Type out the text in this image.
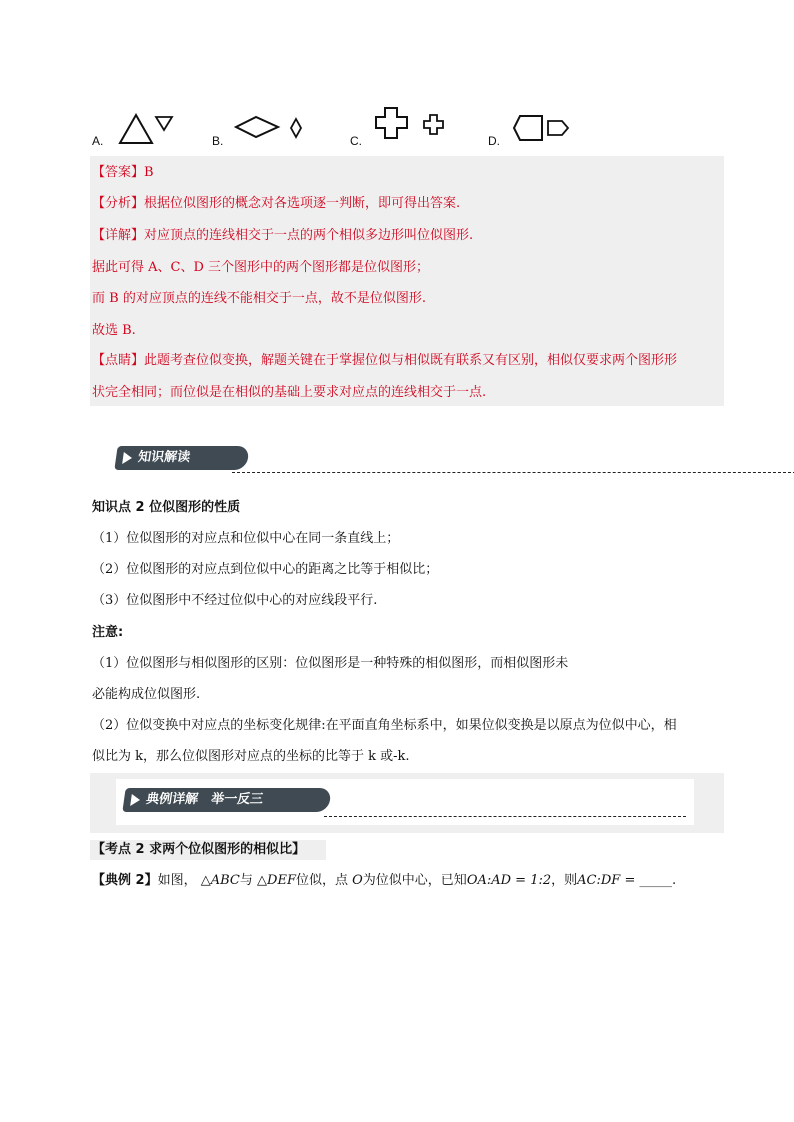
A.	B.	C.	D.
【答案】B
【分析】根据位似图形的概念对各选项逐一判断，即可得出答案.
【详解】对应顶点的连线相交于一点的两个相似多边形叫位似图形.
据此可得 A、C、D 三个图形中的两个图形都是位似图形；
而 B 的对应顶点的连线不能相交于一点，故不是位似图形.
故选 B.
【点睛】此题考查位似变换，解题关键在于掌握位似与相似既有联系又有区别，相似仅要求两个图形形
状完全相同；而位似是在相似的基础上要求对应点的连线相交于一点.
知识解读
知识点 2 位似图形的性质
（1）位似图形的对应点和位似中心在同一条直线上；
（2）位似图形的对应点到位似中心的距离之比等于相似比；
（3）位似图形中不经过位似中心的对应线段平行.
注意:
（1）位似图形与相似图形的区别：位似图形是一种特殊的相似图形，而相似图形未
必能构成位似图形.
（2）位似变换中对应点的坐标变化规律:在平面直角坐标系中，如果位似变换是以原点为位似中心，相
似比为 k，那么位似图形对应点的坐标的比等于 k 或-k.
典例详解　举一反三
【考点 2 求两个位似图形的相似比】
【典例 2】如图， △ABC与 △DEF位似，点 O为位似中心，已知OA:AD = 1:2，则AC:DF = _____.
